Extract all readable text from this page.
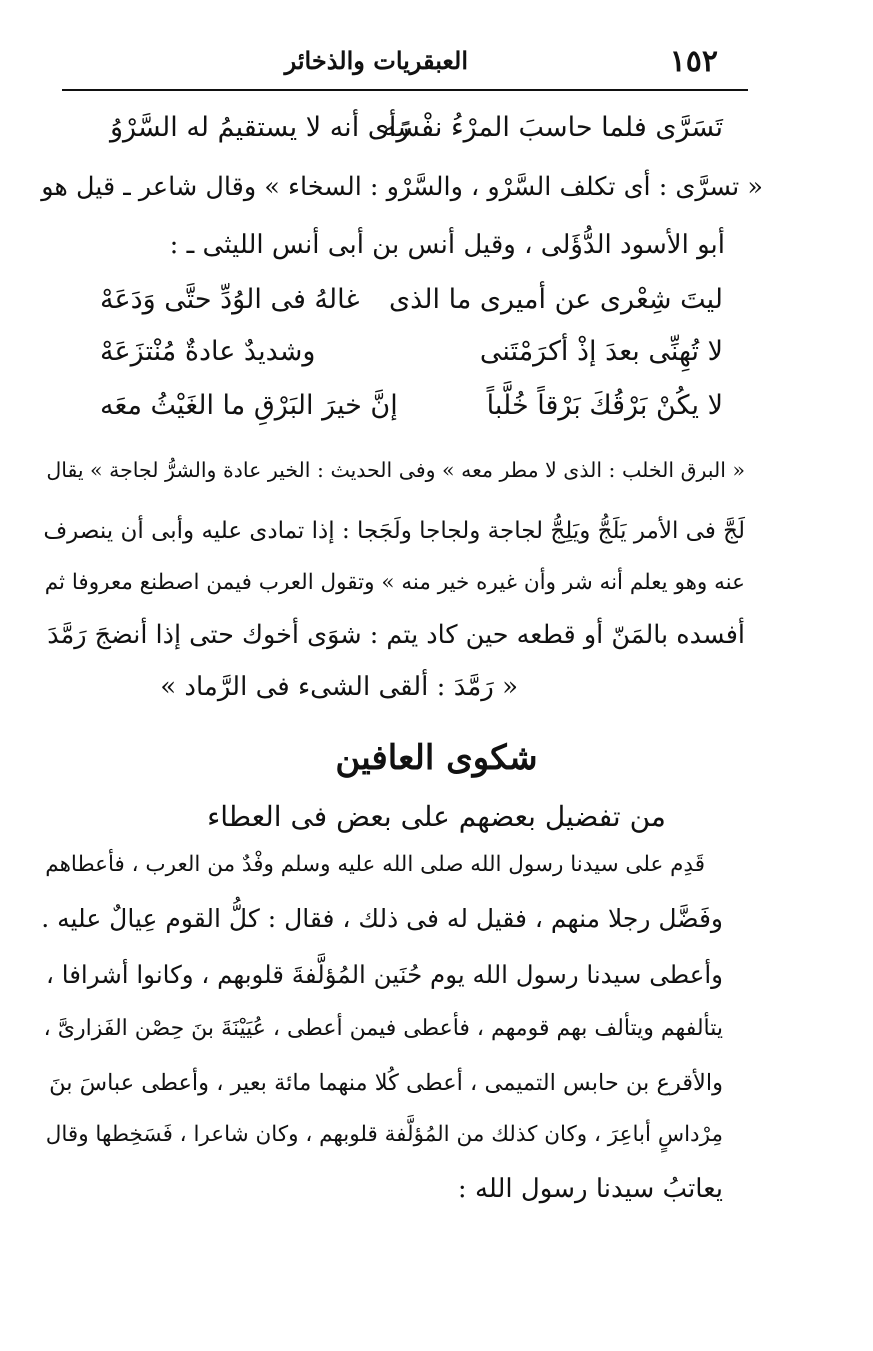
١٥٢
العبقريات والذخائر
تَسَرَّى فلما حاسبَ المرْءُ نفْسَه
رَأى أنه لا يستقيمُ له السَّرْوُ
« تسرَّى : أى تكلف السَّرْو ، والسَّرْو : السخاء » وقال شاعر ـ قيل هو
أبو الأسود الدُّؤَلى ، وقيل أنس بن أبى أنس الليثى ـ :
ليتَ شِعْرى عن أميرى ما الذى
غالهُ فى الوُدِّ حتَّى وَدَعَهْ
لا تُهِنِّى بعدَ إذْ أكرَمْتَنى
وشديدٌ عادةٌ مُنْتزَعَهْ
لا يكُنْ بَرْقُكَ بَرْقاً خُلَّباً
إنَّ خيرَ البَرْقِ ما الغَيْثُ معَه
« البرق الخلب : الذى لا مطر معه » وفى الحديث : الخير عادة والشرُّ لجاجة » يقال
لَجَّ فى الأمر يَلَجُّ ويَلِجُّ لجاجة ولجاجا ولَجَجا : إذا تمادى عليه وأبى أن ينصرف
عنه وهو يعلم أنه شر وأن غيره خير منه » وتقول العرب فيمن اصطنع معروفا ثم
أفسده بالمَنّ أو قطعه حين كاد يتم : شوَى أخوك حتى إذا أنضجَ رَمَّدَ
« رَمَّدَ : ألقى الشىء فى الرَّماد »
شكوى العافين
من تفضيل بعضهم على بعض فى العطاء
قَدِم على سيدنا رسول الله صلى الله عليه وسلم وفْدٌ من العرب ، فأعطاهم
وفَضَّل رجلا منهم ، فقيل له فى ذلك ، فقال : كلُّ القوم عِيالٌ عليه .
وأعطى سيدنا رسول الله يوم حُنَين المُؤلَّفةَ قلوبهم ، وكانوا أشرافا ،
يتألفهم ويتألف بهم قومهم ، فأعطى فيمن أعطى ، عُيَيْنَةَ بنَ حِصْن الفَزارىَّ ،
والأقرع بن حابس التميمى ، أعطى كُلا منهما مائة بعير ، وأعطى عباسَ بنَ
مِرْداسٍ أباعِرَ ، وكان كذلك من المُؤلَّفة قلوبهم ، وكان شاعرا ، فَسَخِطها وقال
يعاتبُ سيدنا رسول الله :
